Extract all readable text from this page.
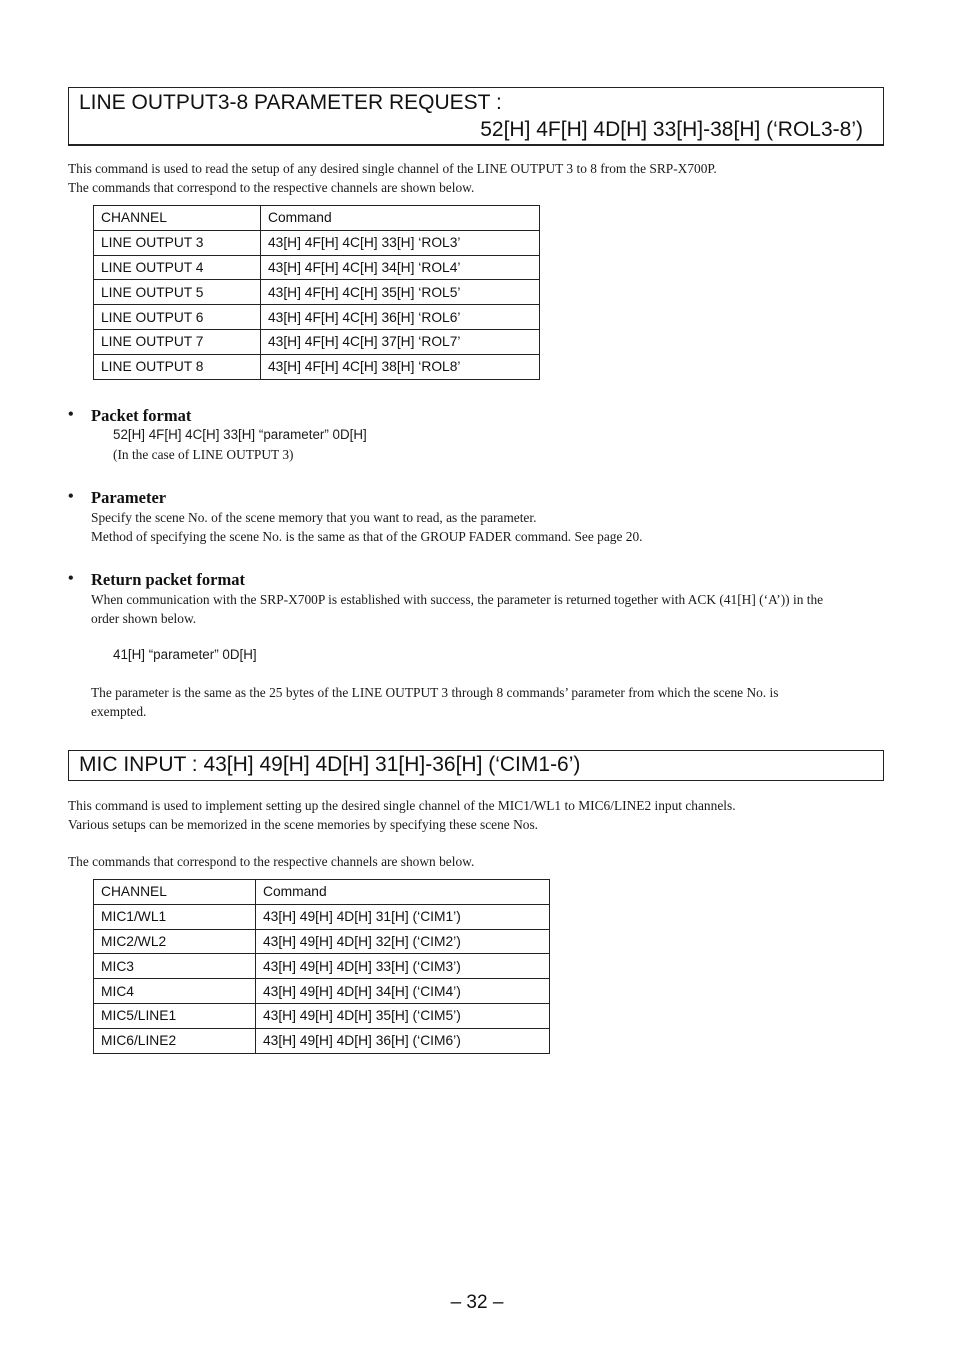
LINE OUTPUT3-8 PARAMETER REQUEST :
52[H] 4F[H] 4D[H] 33[H]-38[H] (‘ROL3-8’)

This command is used to read the setup of any desired single channel of the LINE OUTPUT 3 to 8 from the SRP-X700P.

The commands that correspond to the respective channels are shown below.

CHANNEL	Command
LINE OUTPUT 3	43[H] 4F[H] 4C[H] 33[H] ‘ROL3’
LINE OUTPUT 4	43[H] 4F[H] 4C[H] 34[H] ‘ROL4’
LINE OUTPUT 5	43[H] 4F[H] 4C[H] 35[H] ‘ROL5’
LINE OUTPUT 6	43[H] 4F[H] 4C[H] 36[H] ‘ROL6’
LINE OUTPUT 7	43[H] 4F[H] 4C[H] 37[H] ‘ROL7’
LINE OUTPUT 8	43[H] 4F[H] 4C[H] 38[H] ‘ROL8’
• Packet format
52[H] 4F[H] 4C[H] 33[H] “parameter” 0D[H]

(In the case of LINE OUTPUT 3)

• Parameter

Specify the scene No. of the scene memory that you want to read, as the parameter.

Method of specifying the scene No. is the same as that of the GROUP FADER command. See page 20.

• Return packet format

When communication with the SRP-X700P is established with success, the parameter is returned together with ACK (41[H] (‘A’)) in the

order shown below.

41[H] “parameter” 0D[H]

The parameter is the same as the 25 bytes of the LINE OUTPUT 3 through 8 commands’ parameter from which the scene No. is

exempted.

MIC INPUT : 43[H] 49[H] 4D[H] 31[H]-36[H] (‘CIM1-6’)

This command is used to implement setting up the desired single channel of the MIC1/WL1 to MIC6/LINE2 input channels.

Various setups can be memorized in the scene memories by specifying these scene Nos.

The commands that correspond to the respective channels are shown below.

CHANNEL	Command
MIC1/WL1	43[H] 49[H] 4D[H] 31[H] (‘CIM1’)
MIC2/WL2	43[H] 49[H] 4D[H] 32[H] (‘CIM2’)
MIC3	43[H] 49[H] 4D[H] 33[H] (‘CIM3’)
MIC4	43[H] 49[H] 4D[H] 34[H] (‘CIM4’)
MIC5/LINE1	43[H] 49[H] 4D[H] 35[H] (‘CIM5’)
MIC6/LINE2	43[H] 49[H] 4D[H] 36[H] (‘CIM6’)
– 32 –
